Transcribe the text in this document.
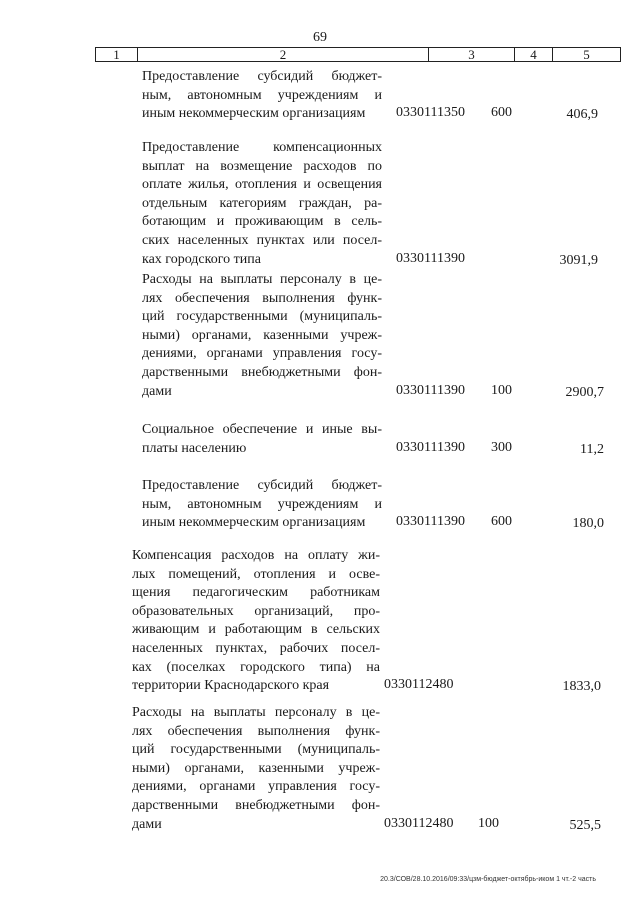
69
1	2	3	4	5
Предоставление субсидий бюджет-
ным, автономным учреждениям и
иным некоммерческим организациям	0330111350 600	406,9
Предоставление компенсационных
выплат на возмещение расходов по
оплате жилья, отопления и освещения
отдельным категориям граждан, ра-
ботающим и проживающим в сель-
ских населенных пунктах или посел-
ках городского типа	0330111390	3091,9
Расходы на выплаты персоналу в це-
лях обеспечения выполнения функ-
ций государственными (муниципаль-
ными) органами, казенными учреж-
дениями, органами управления госу-
дарственными внебюджетными фон-
дами	0330111390 100	2900,7
Социальное обеспечение и иные вы-
платы населению	0330111390 300	11,2
Предоставление субсидий бюджет-
ным, автономным учреждениям и
иным некоммерческим организациям	0330111390 600	180,0
Компенсация расходов на оплату жи-
лых помещений, отопления и осве-
щения педагогическим работникам
образовательных организаций, про-
живающим и работающим в сельских
населенных пунктах, рабочих посел-
ках (поселках городского типа) на
территории Краснодарского края	0330112480	1833,0
Расходы на выплаты персоналу в це-
лях обеспечения выполнения функ-
ций государственными (муниципаль-
ными) органами, казенными учреж-
дениями, органами управления госу-
дарственными внебюджетными фон-
дами	0330112480 100	525,5
20.3/СОВ/28.10.2016/09:33/цзм-бюджет-октябрь-иком 1 чт.-2 часть
